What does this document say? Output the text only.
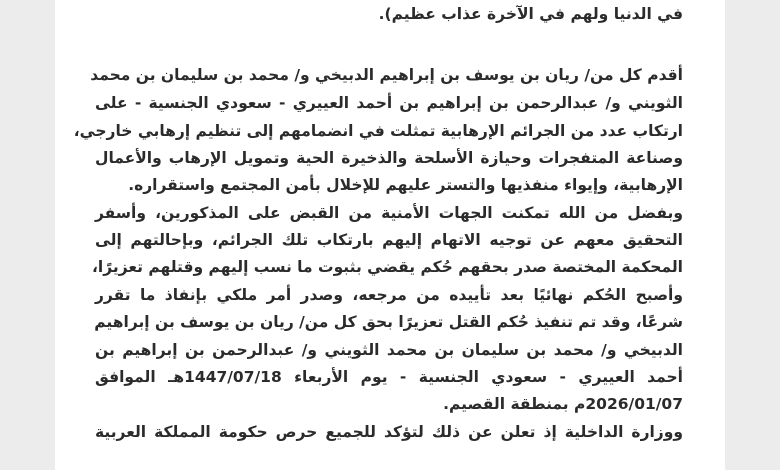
في الدنيا ولهم في الآخرة عذاب عظيم).
أقدم كل من/ ريان بن يوسف بن إبراهيم الدبيخي و/ محمد بن سليمان بن محمد
الثويني و/ عبدالرحمن بن إبراهيم بن أحمد العييري - سعودي الجنسية - على
ارتكاب عدد من الجرائم الإرهابية تمثلت في انضمامهم إلى تنظيم إرهابي خارجي،
وصناعة المتفجرات وحيازة الأسلحة والذخيرة الحية وتمويل الإرهاب والأعمال
الإرهابية، وإيواء منفذيها والتستر عليهم للإخلال بأمن المجتمع واستقراره.
وبفضل من الله تمكنت الجهات الأمنية من القبض على المذكورين، وأسفر
التحقيق معهم عن توجيه الاتهام إليهم بارتكاب تلك الجرائم، وبإحالتهم إلى
المحكمة المختصة صدر بحقهم حُكم يقضي بثبوت ما نسب إليهم وقتلهم تعزيرًا،
وأصبح الحُكم نهائيًا بعد تأييده من مرجعه، وصدر أمر ملكي بإنفاذ ما تقرر
شرعًا، وقد تم تنفيذ حُكم القتل تعزيرًا بحق كل من/ ريان بن يوسف بن إبراهيم
الدبيخي و/ محمد بن سليمان بن محمد الثويني و/ عبدالرحمن بن إبراهيم بن
أحمد العييري - سعودي الجنسية - يوم الأربعاء 1447/07/18هـ الموافق
2026/01/07م بمنطقة القصيم.
ووزارة الداخلية إذ تعلن عن ذلك لتؤكد للجميع حرص حكومة المملكة العربية
